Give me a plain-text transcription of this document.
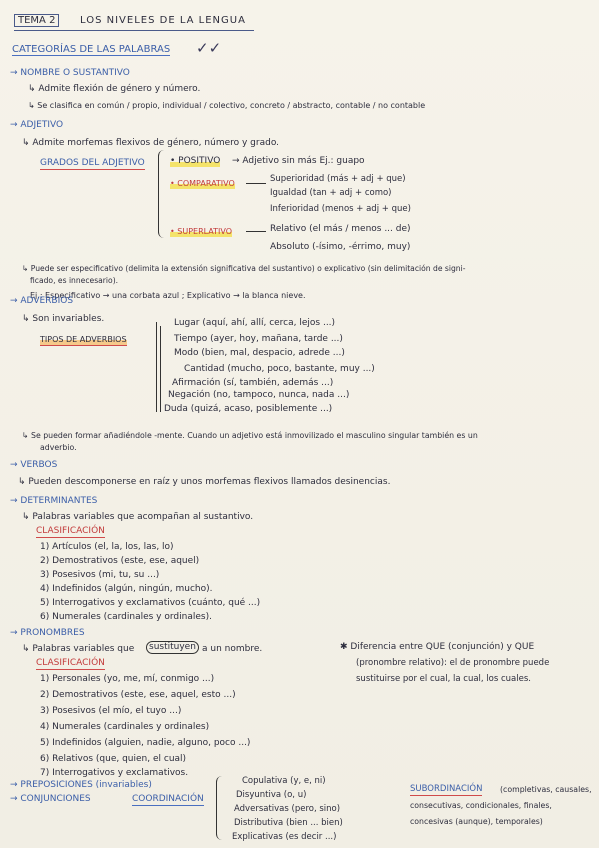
TEMA 2	LOS NIVELES DE LA LENGUA
CATEGORÍAS DE LAS PALABRAS ✓✓
→ NOMBRE O SUSTANTIVO
↳ Admite flexión de género y número.
↳ Se clasifica en común / propio, individual / colectivo, concreto / abstracto, contable / no contable
→ ADJETIVO
↳ Admite morfemas flexivos de género, número y grado.
GRADOS DEL ADJETIVO	• POSITIVO → Adjetivo sin más Ej.: guapo
• COMPARATIVO	Superioridad (más + adj + que)
Igualdad (tan + adj + como)
Inferioridad (menos + adj + que)
• SUPERLATIVO	Relativo (el más / menos ... de)
Absoluto (-ísimo, -érrimo, muy)
↳ Puede ser especificativo (delimita la extensión significativa del sustantivo) o explicativo (sin delimitación de signi-
ficado, es innecesario).
Ej.: Especificativo → una corbata azul ; Explicativo → la blanca nieve.
→ ADVERBIOS
↳ Son invariables.
TIPOS DE ADVERBIOS
Lugar (aquí, ahí, allí, cerca, lejos ...)
Tiempo (ayer, hoy, mañana, tarde ...)
Modo (bien, mal, despacio, adrede ...)
Cantidad (mucho, poco, bastante, muy ...)
Afirmación (sí, también, además ...)
Negación (no, tampoco, nunca, nada ...)
Duda (quizá, acaso, posiblemente ...)
↳ Se pueden formar añadiéndole -mente. Cuando un adjetivo está inmovilizado el masculino singular también es un
adverbio.
→ VERBOS
↳ Pueden descomponerse en raíz y unos morfemas flexivos llamados desinencias.
→ DETERMINANTES
↳ Palabras variables que acompañan al sustantivo.
CLASIFICACIÓN
1) Artículos (el, la, los, las, lo)
2) Demostrativos (este, ese, aquel)
3) Posesivos (mi, tu, su ...)
4) Indefinidos (algún, ningún, mucho).
5) Interrogativos y exclamativos (cuánto, qué ...)
6) Numerales (cardinales y ordinales).
→ PRONOMBRES
↳ Palabras variables que	sustituyen a un nombre.
CLASIFICACIÓN
1) Personales (yo, me, mí, conmigo ...)
2) Demostrativos (este, ese, aquel, esto ...)
3) Posesivos (el mío, el tuyo ...)
4) Numerales (cardinales y ordinales)
5) Indefinidos (alguien, nadie, alguno, poco ...)
6) Relativos (que, quien, el cual)
7) Interrogativos y exclamativos.
✱ Diferencia entre QUE (conjunción) y QUE
(pronombre relativo): el de pronombre puede
sustituirse por el cual, la cual, los cuales.
→ PREPOSICIONES (invariables)
→ CONJUNCIONES	COORDINACIÓN
Copulativa (y, e, ni)
Disyuntiva (o, u)
Adversativas (pero, sino)
Distributiva (bien ... bien)
Explicativas (es decir ...)
SUBORDINACIÓN (completivas, causales,
consecutivas, condicionales, finales,
concesivas (aunque), temporales)
